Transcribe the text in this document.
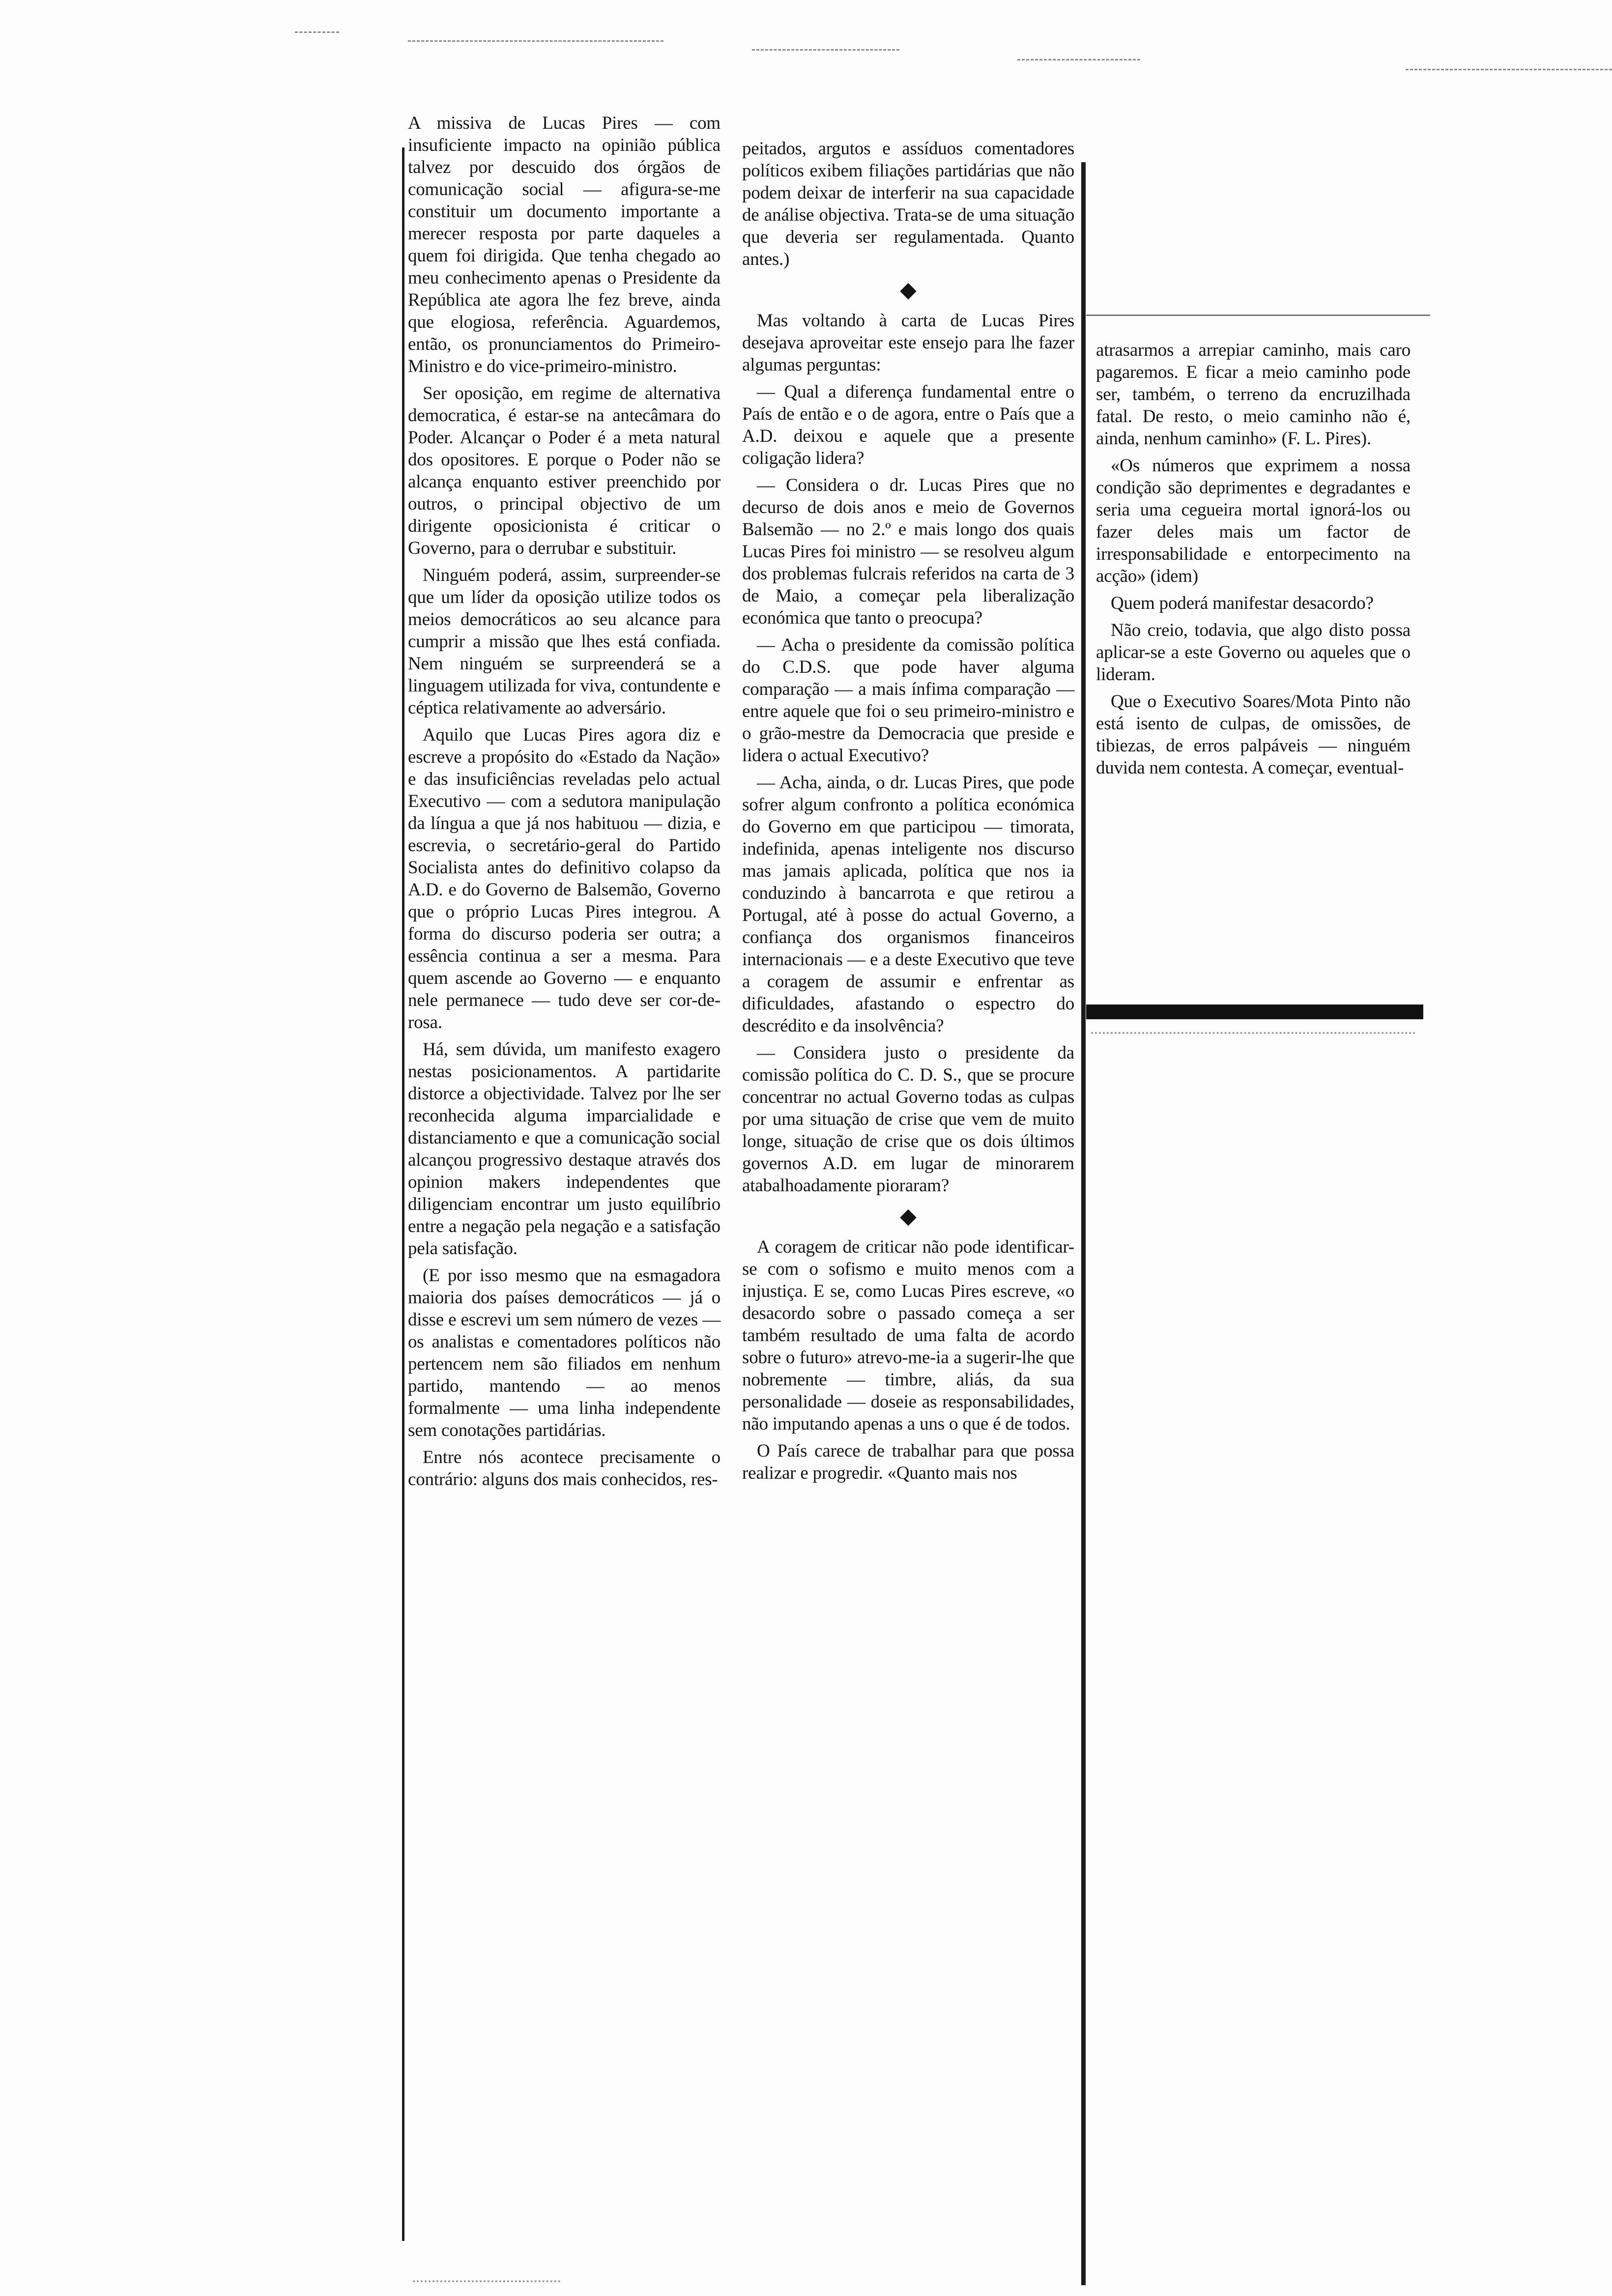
A missiva de Lucas Pires — com insuficiente impacto na opinião pública talvez por descuido dos órgãos de comunicação social — afigura-se-me constituir um documento importante a merecer resposta por parte daqueles a quem foi dirigida. Que tenha chegado ao meu conhecimento apenas o Presidente da República ate agora lhe fez breve, ainda que elogiosa, referência. Aguardemos, então, os pronunciamentos do Primeiro-Ministro e do vice-primeiro-ministro.

Ser oposição, em regime de alternativa democratica, é estar-se na antecâmara do Poder. Alcançar o Poder é a meta natural dos opositores. E porque o Poder não se alcança enquanto estiver preenchido por outros, o principal objectivo de um dirigente oposicionista é criticar o Governo, para o derrubar e substituir.

Ninguém poderá, assim, surpreender-se que um líder da oposição utilize todos os meios democráticos ao seu alcance para cumprir a missão que lhes está confiada. Nem ninguém se surpreenderá se a linguagem utilizada for viva, contundente e céptica relativamente ao adversário.

Aquilo que Lucas Pires agora diz e escreve a propósito do «Estado da Nação» e das insuficiências reveladas pelo actual Executivo — com a sedutora manipulação da língua a que já nos habituou — dizia, e escrevia, o secretário-geral do Partido Socialista antes do definitivo colapso da A.D. e do Governo de Balsemão, Governo que o próprio Lucas Pires integrou. A forma do discurso poderia ser outra; a essência continua a ser a mesma. Para quem ascende ao Governo — e enquanto nele permanece — tudo deve ser cor-de-rosa.

Há, sem dúvida, um manifesto exagero nestas posicionamentos. A partidarite distorce a objectividade. Talvez por lhe ser reconhecida alguma imparcialidade e distanciamento e que a comunicação social alcançou progressivo destaque através dos opinion makers independentes que diligenciam encontrar um justo equilíbrio entre a negação pela negação e a satisfação pela satisfação.

(E por isso mesmo que na esmagadora maioria dos países democráticos — já o disse e escrevi um sem número de vezes — os analistas e comentadores políticos não pertencem nem são filiados em nenhum partido, mantendo — ao menos formalmente — uma linha independente sem conotações partidárias.

Entre nós acontece precisamente o contrário: alguns dos mais conhecidos, res-

peitados, argutos e assíduos comentadores políticos exibem filiações partidárias que não podem deixar de interferir na sua capacidade de análise objectiva. Trata-se de uma situação que deveria ser regulamentada. Quanto antes.)

◆

Mas voltando à carta de Lucas Pires desejava aproveitar este ensejo para lhe fazer algumas perguntas:

— Qual a diferença fundamental entre o País de então e o de agora, entre o País que a A.D. deixou e aquele que a presente coligação lidera?

— Considera o dr. Lucas Pires que no decurso de dois anos e meio de Governos Balsemão — no 2.º e mais longo dos quais Lucas Pires foi ministro — se resolveu algum dos problemas fulcrais referidos na carta de 3 de Maio, a começar pela liberalização económica que tanto o preocupa?

— Acha o presidente da comissão política do C.D.S. que pode haver alguma comparação — a mais ínfima comparação — entre aquele que foi o seu primeiro-ministro e o grão-mestre da Democracia que preside e lidera o actual Executivo?

— Acha, ainda, o dr. Lucas Pires, que pode sofrer algum confronto a política económica do Governo em que participou — timorata, indefinida, apenas inteligente nos discurso mas jamais aplicada, política que nos ia conduzindo à bancarrota e que retirou a Portugal, até à posse do actual Governo, a confiança dos organismos financeiros internacionais — e a deste Executivo que teve a coragem de assumir e enfrentar as dificuldades, afastando o espectro do descrédito e da insolvência?

— Considera justo o presidente da comissão política do C. D. S., que se procure concentrar no actual Governo todas as culpas por uma situação de crise que vem de muito longe, situação de crise que os dois últimos governos A.D. em lugar de minorarem atabalhoadamente pioraram?

◆

A coragem de criticar não pode identificar-se com o sofismo e muito menos com a injustiça. E se, como Lucas Pires escreve, «o desacordo sobre o passado começa a ser também resultado de uma falta de acordo sobre o futuro» atrevo-me-ia a sugerir-lhe que nobremente — timbre, aliás, da sua personalidade — doseie as responsabilidades, não imputando apenas a uns o que é de todos.

O País carece de trabalhar para que possa realizar e progredir. «Quanto mais nos

atrasarmos a arrepiar caminho, mais caro pagaremos. E ficar a meio caminho pode ser, também, o terreno da encruzilhada fatal. De resto, o meio caminho não é, ainda, nenhum caminho» (F. L. Pires).

«Os números que exprimem a nossa condição são deprimentes e degradantes e seria uma cegueira mortal ignorá-los ou fazer deles mais um factor de irresponsabilidade e entorpecimento na acção» (idem)

Quem poderá manifestar desacordo?

Não creio, todavia, que algo disto possa aplicar-se a este Governo ou aqueles que o lideram.

Que o Executivo Soares/Mota Pinto não está isento de culpas, de omissões, de tibiezas, de erros palpáveis — ninguém duvida nem contesta. A começar, eventual-
